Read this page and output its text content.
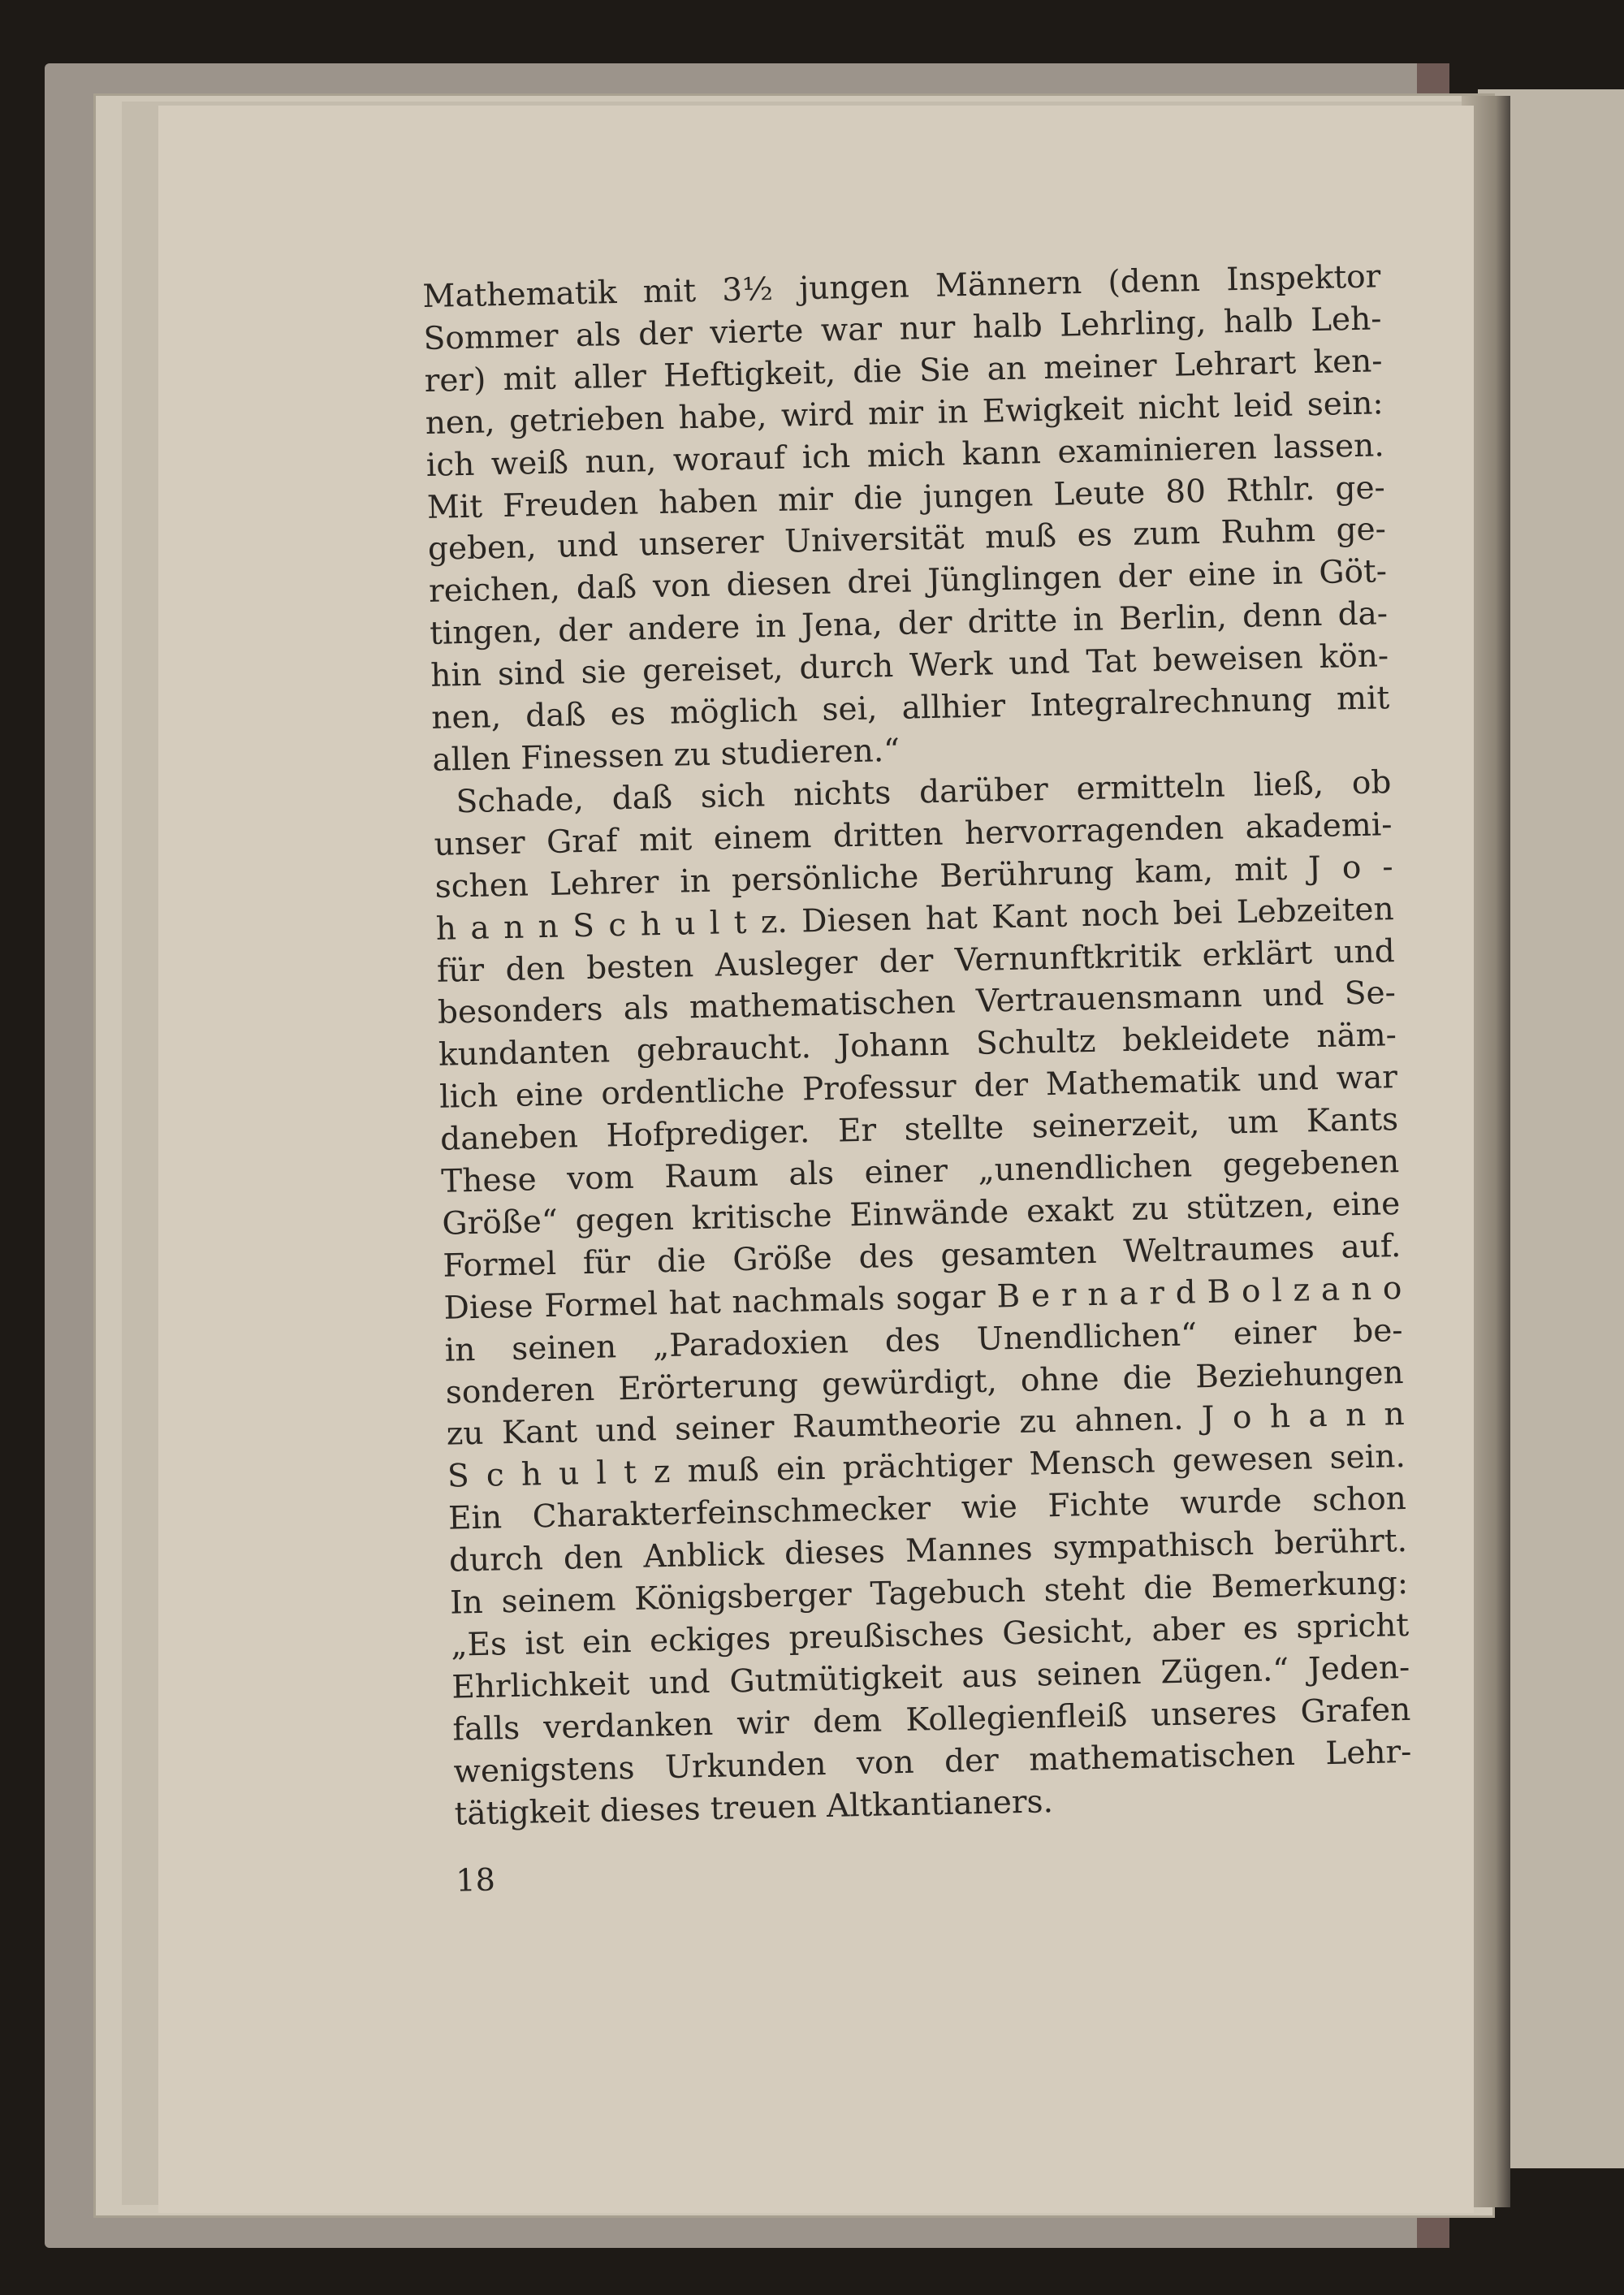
Mathematik mit 3½ jungen Männern (denn Inspektor
Sommer als der vierte war nur halb Lehrling, halb Leh-
rer) mit aller Heftigkeit, die Sie an meiner Lehrart ken-
nen, getrieben habe, wird mir in Ewigkeit nicht leid sein:
ich weiß nun, worauf ich mich kann examinieren lassen.
Mit Freuden haben mir die jungen Leute 80 Rthlr. ge-
geben, und unserer Universität muß es zum Ruhm ge-
reichen, daß von diesen drei Jünglingen der eine in Göt-
tingen, der andere in Jena, der dritte in Berlin, denn da-
hin sind sie gereiset, durch Werk und Tat beweisen kön-
nen, daß es möglich sei, allhier Integralrechnung mit
allen Finessen zu studieren.“
Schade, daß sich nichts darüber ermitteln ließ, ob
unser Graf mit einem dritten hervorragenden akademi-
schen Lehrer in persönliche Berührung kam, mit J o -
h a n n S c h u l t z. Diesen hat Kant noch bei Lebzeiten
für den besten Ausleger der Vernunftkritik erklärt und
besonders als mathematischen Vertrauensmann und Se-
kundanten gebraucht. Johann Schultz bekleidete näm-
lich eine ordentliche Professur der Mathematik und war
daneben Hofprediger. Er stellte seinerzeit, um Kants
These vom Raum als einer „unendlichen gegebenen
Größe“ gegen kritische Einwände exakt zu stützen, eine
Formel für die Größe des gesamten Weltraumes auf.
Diese Formel hat nachmals sogar B e r n a r d B o l z a n o
in seinen „Paradoxien des Unendlichen“ einer be-
sonderen Erörterung gewürdigt, ohne die Beziehungen
zu Kant und seiner Raumtheorie zu ahnen. J o h a n n
S c h u l t z muß ein prächtiger Mensch gewesen sein.
Ein Charakterfeinschmecker wie Fichte wurde schon
durch den Anblick dieses Mannes sympathisch berührt.
In seinem Königsberger Tagebuch steht die Bemerkung:
„Es ist ein eckiges preußisches Gesicht, aber es spricht
Ehrlichkeit und Gutmütigkeit aus seinen Zügen.“ Jeden-
falls verdanken wir dem Kollegienfleiß unseres Grafen
wenigstens Urkunden von der mathematischen Lehr-
tätigkeit dieses treuen Altkantianers.
18
